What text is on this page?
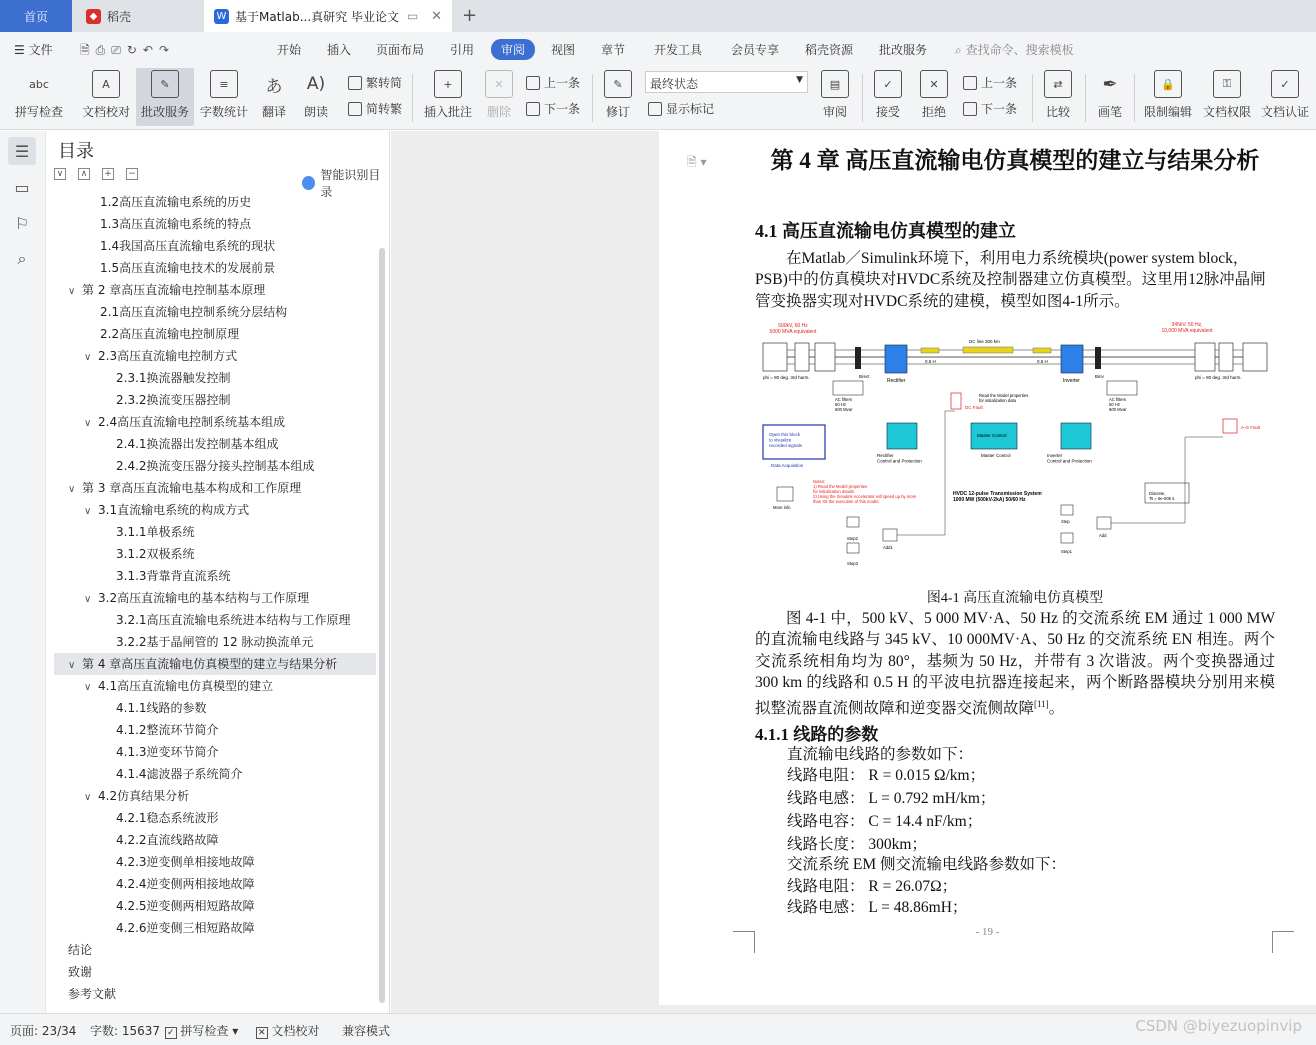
首页	◆ 稻壳	W 基于Matlab...真研究 毕业论文 ▭ ✕ +
☰ 文件 🗎⎙⎚↻↶↷	开始 插入 页面布局 引用	审阅	视图 章节 开发工具 会员专享 稻壳资源 批改服务 ⌕ 查找命令、搜索模板
abc
拼写检查
A
文档校对
✎
批改服务
≡
字数统计
あ
翻译
A)
朗读
繁转简
简转繁
+
插入批注
✕
删除
上一条
下一条
✎
修订
最终状态	▼
显示标记
▤
审阅
✓
接受
✕
拒绝
上一条
下一条
⇄
比较
✒
画笔
🔒
限制编辑
⚿
文档权限
✓
文档认证
☰
▭
⚐
⌕
目录
∨	∧	+ −	智能识别目录
1.2高压直流输电系统的历史
1.3高压直流输电系统的特点
1.4我国高压直流输电系统的现状
1.5高压直流输电技术的发展前景
∨ 第 2 章高压直流输电控制基本原理
2.1高压直流输电控制系统分层结构
2.2高压直流输电控制原理
∨ 2.3高压直流输电控制方式
2.3.1换流器触发控制
2.3.2换流变压器控制
∨ 2.4高压直流输电控制系统基本组成
2.4.1换流器出发控制基本组成
2.4.2换流变压器分接头控制基本组成
∨ 第 3 章高压直流输电基本构成和工作原理
∨ 3.1直流输电系统的构成方式
3.1.1单极系统
3.1.2双极系统
3.1.3背靠背直流系统
∨ 3.2高压直流输电的基本结构与工作原理
3.2.1高压直流输电系统进本结构与工作原理
3.2.2基于晶闸管的 12 脉动换流单元
∨ 第 4 章高压直流输电仿真模型的建立与结果分析
∨ 4.1高压直流输电仿真模型的建立
4.1.1线路的参数
4.1.2整流环节简介
4.1.3逆变环节简介
4.1.4滤波器子系统简介
∨ 4.2仿真结果分析
4.2.1稳态系统波形
4.2.2直流线路故障
4.2.3逆变侧单相接地故障
4.2.4逆变侧两相接地故障
4.2.5逆变侧两相短路故障
4.2.6逆变侧三相短路故障
结论
致谢
参考文献
🗎 ▾	第 4 章 高压直流输电仿真模型的建立与结果分析
4.1 高压直流输电仿真模型的建立
在Matlab／Simulink环境下，利用电力系统模块(power system block，PSB)中的仿真模块对HVDC系统及控制器建立仿真模型。这里用12脉冲晶闸管变换器实现对HVDC系统的建模，模型如图4-1所示。
500kV, 60 Hz 5000 MVA equivalent
345kV, 50 Hz, 10,000 MVA equivalent
phi = 80 deg. 3rd harm.	phi = 80 deg. 3rd harm.
Brect
Rectifier
0.5 H
DC line 300 km
0.5 H
Inverter
Binv
AC filters 60 Hz 600 Mvar
AC filters 50 Hz 600 Mvar
Read the Model properties for initialization data
DC Fault
A-G Fault
Open this block to visualize recorded signals
Data Acquisition
Rectifier Control and Protection
Master Control
Master Control	Inverter Control and Protection
Notes: 1) Read the Model properties for initialization details 2) Using the Simulink Accelerator will speed up by more than X5 the execution of this model.
More info
HVDC 12-pulse Transmission System 1000 MW (500kV-2kA) 50/60 Hz
Discrete, Ts = 5e-005 s.
Step2
Step3
Add1
Step
Step1
Add
图4-1 高压直流输电仿真模型
图 4-1 中，500 kV、5 000 MV·A、50 Hz 的交流系统 EM 通过 1 000 MW 的直流输电线路与 345 kV、10 000MV·A、50 Hz 的交流系统 EN 相连。两个交流系统相角均为 80°，基频为 50 Hz，并带有 3 次谐波。两个变换器通过 300 km 的线路和 0.5 H 的平波电抗器连接起来，两个断路器模块分别用来模拟整流器直流侧故障和逆变器交流侧故障[11]。
4.1.1 线路的参数
直流输电线路的参数如下：
线路电阻： R = 0.015 Ω/km；
线路电感： L = 0.792 mH/km；
线路电容： C = 14.4 nF/km；
线路长度： 300km；
交流系统 EM 侧交流输电线路参数如下：
线路电阻： R = 26.07Ω；
线路电感： L = 48.86mH；
- 19 -
页面: 23/34 字数: 15637 ✓ 拼写检查 ▾ ✕ 文档校对 兼容模式	CSDN @biyezuopinvip
